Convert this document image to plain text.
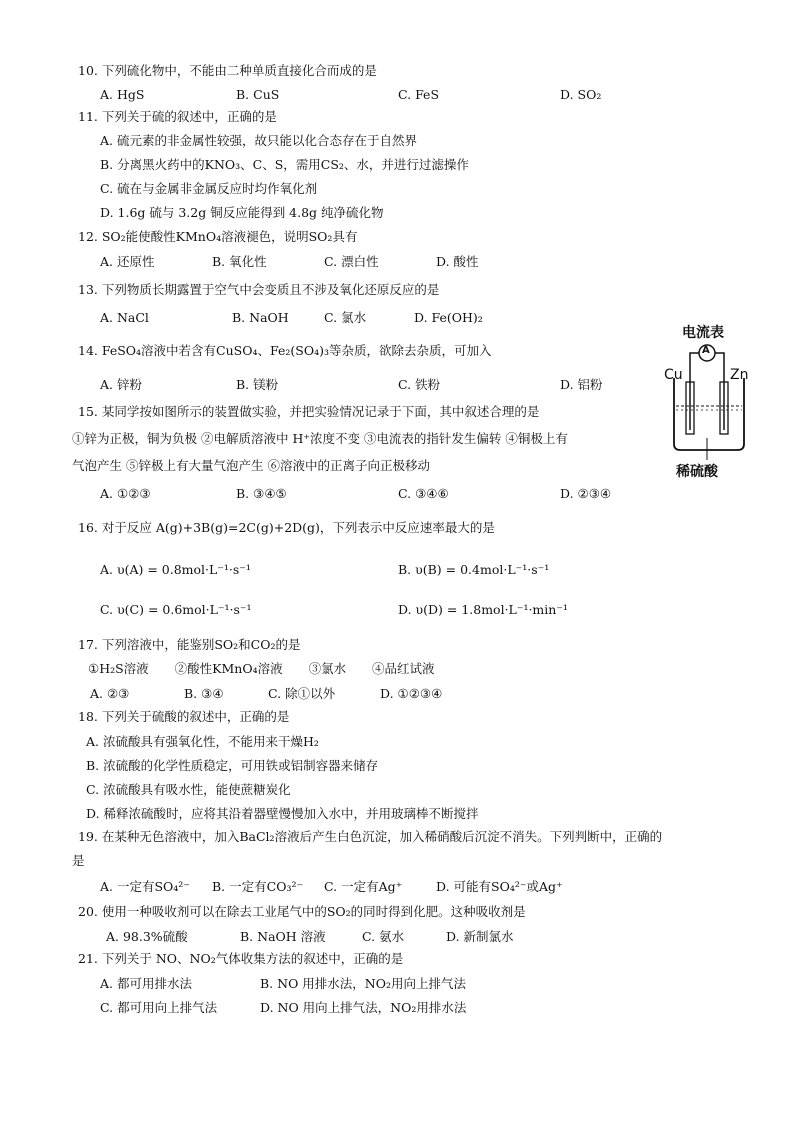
10. 下列硫化物中，不能由二种单质直接化合而成的是
A. HgS	B. CuS	C. FeS	D. SO₂
11. 下列关于硫的叙述中，正确的是
A. 硫元素的非金属性较强，故只能以化合态存在于自然界
B. 分离黑火药中的KNO₃、C、S，需用CS₂、水，并进行过滤操作
C. 硫在与金属非金属反应时均作氧化剂
D. 1.6g 硫与 3.2g 铜反应能得到 4.8g 纯净硫化物
12. SO₂能使酸性KMnO₄溶液褪色，说明SO₂具有
A. 还原性	B. 氧化性	C. 漂白性	D. 酸性
13. 下列物质长期露置于空气中会变质且不涉及氧化还原反应的是
A. NaCl	B. NaOH	C. 氯水	D. Fe(OH)₂
14. FeSO₄溶液中若含有CuSO₄、Fe₂(SO₄)₃等杂质，欲除去杂质，可加入
A. 锌粉	B. 镁粉	C. 铁粉	D. 铝粉
15. 某同学按如图所示的装置做实验，并把实验情况记录于下面，其中叙述合理的是
①锌为正极，铜为负极 ②电解质溶液中 H⁺浓度不变 ③电流表的指针发生偏转 ④铜极上有
气泡产生 ⑤锌极上有大量气泡产生 ⑥溶液中的正离子向正极移动
A. ①②③	B. ③④⑤	C. ③④⑥	D. ②③④
16. 对于反应 A(g)+3B(g)=2C(g)+2D(g)，下列表示中反应速率最大的是
A. υ(A) = 0.8mol·L⁻¹·s⁻¹	B. υ(B) = 0.4mol·L⁻¹·s⁻¹
C. υ(C) = 0.6mol·L⁻¹·s⁻¹	D. υ(D) = 1.8mol·L⁻¹·min⁻¹
17. 下列溶液中，能鉴别SO₂和CO₂的是
①H₂S溶液 ②酸性KMnO₄溶液 ③氯水 ④品红试液
A. ②③	B. ③④	C. 除①以外	D. ①②③④
18. 下列关于硫酸的叙述中，正确的是
A. 浓硫酸具有强氧化性，不能用来干燥H₂
B. 浓硫酸的化学性质稳定，可用铁或铝制容器来储存
C. 浓硫酸具有吸水性，能使蔗糖炭化
D. 稀释浓硫酸时，应将其沿着器壁慢慢加入水中，并用玻璃棒不断搅拌
19. 在某种无色溶液中，加入BaCl₂溶液后产生白色沉淀，加入稀硝酸后沉淀不消失。下列判断中，正确的
是
A. 一定有SO₄²⁻ B. 一定有CO₃²⁻ C. 一定有Ag⁺	D. 可能有SO₄²⁻或Ag⁺
20. 使用一种吸收剂可以在除去工业尾气中的SO₂的同时得到化肥。这种吸收剂是
A. 98.3%硫酸	B. NaOH 溶液	C. 氨水	D. 新制氯水
21. 下列关于 NO、NO₂气体收集方法的叙述中，正确的是
A. 都可用排水法	B. NO 用排水法，NO₂用向上排气法
C. 都可用向上排气法	D. NO 用向上排气法，NO₂用排水法
电流表
A
Cu	Zn
稀硫酸
